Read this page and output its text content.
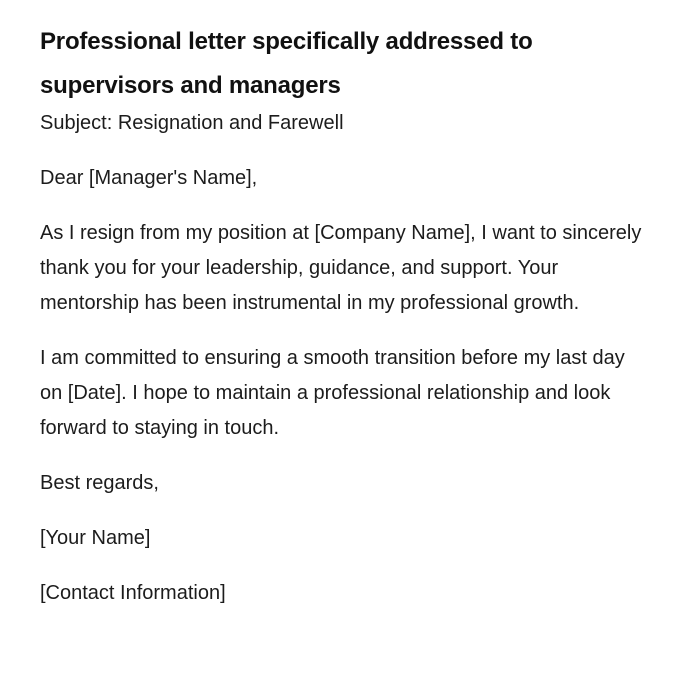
Professional letter specifically addressed to supervisors and managers

Subject: Resignation and Farewell

Dear [Manager's Name],

As I resign from my position at [Company Name], I want to sincerely thank you for your leadership, guidance, and support. Your mentorship has been instrumental in my professional growth.

I am committed to ensuring a smooth transition before my last day on [Date]. I hope to maintain a professional relationship and look forward to staying in touch.

Best regards,

[Your Name]

[Contact Information]
